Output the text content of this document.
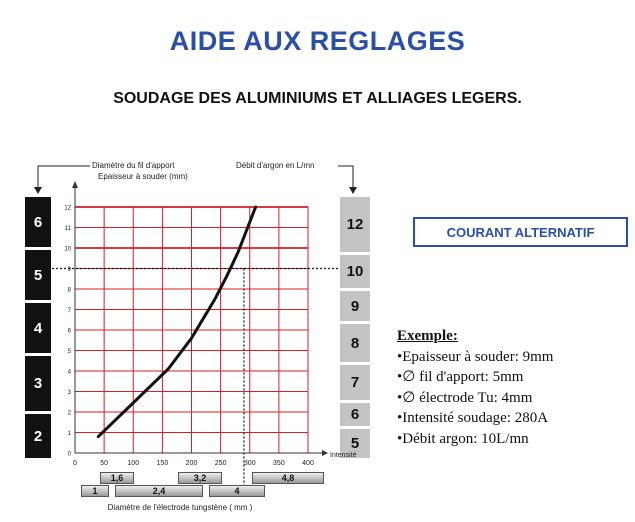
AIDE AUX REGLAGES
SOUDAGE DES ALUMINIUMS ET ALLIAGES LEGERS.
Diamètre du fil d'apport
Epaisseur à souder (mm)
Débit d'argon en L/mn
6
5
4
3
2
12
10
9
8
7
6
5
0	50	100 150 200 250 300 350 400
0
1
2
3
4
5
6
7
8
9
10
11
12
Intensité
COURANT ALTERNATIF
Exemple:
•Epaisseur à souder: 9mm
•∅ fil d'apport: 5mm
•∅ électrode Tu: 4mm
•Intensité soudage: 280A
•Débit argon: 10L/mn
1,6	3,2	4,8
1	2,4	4
Diamètre de l'électrode tungstène ( mm )
